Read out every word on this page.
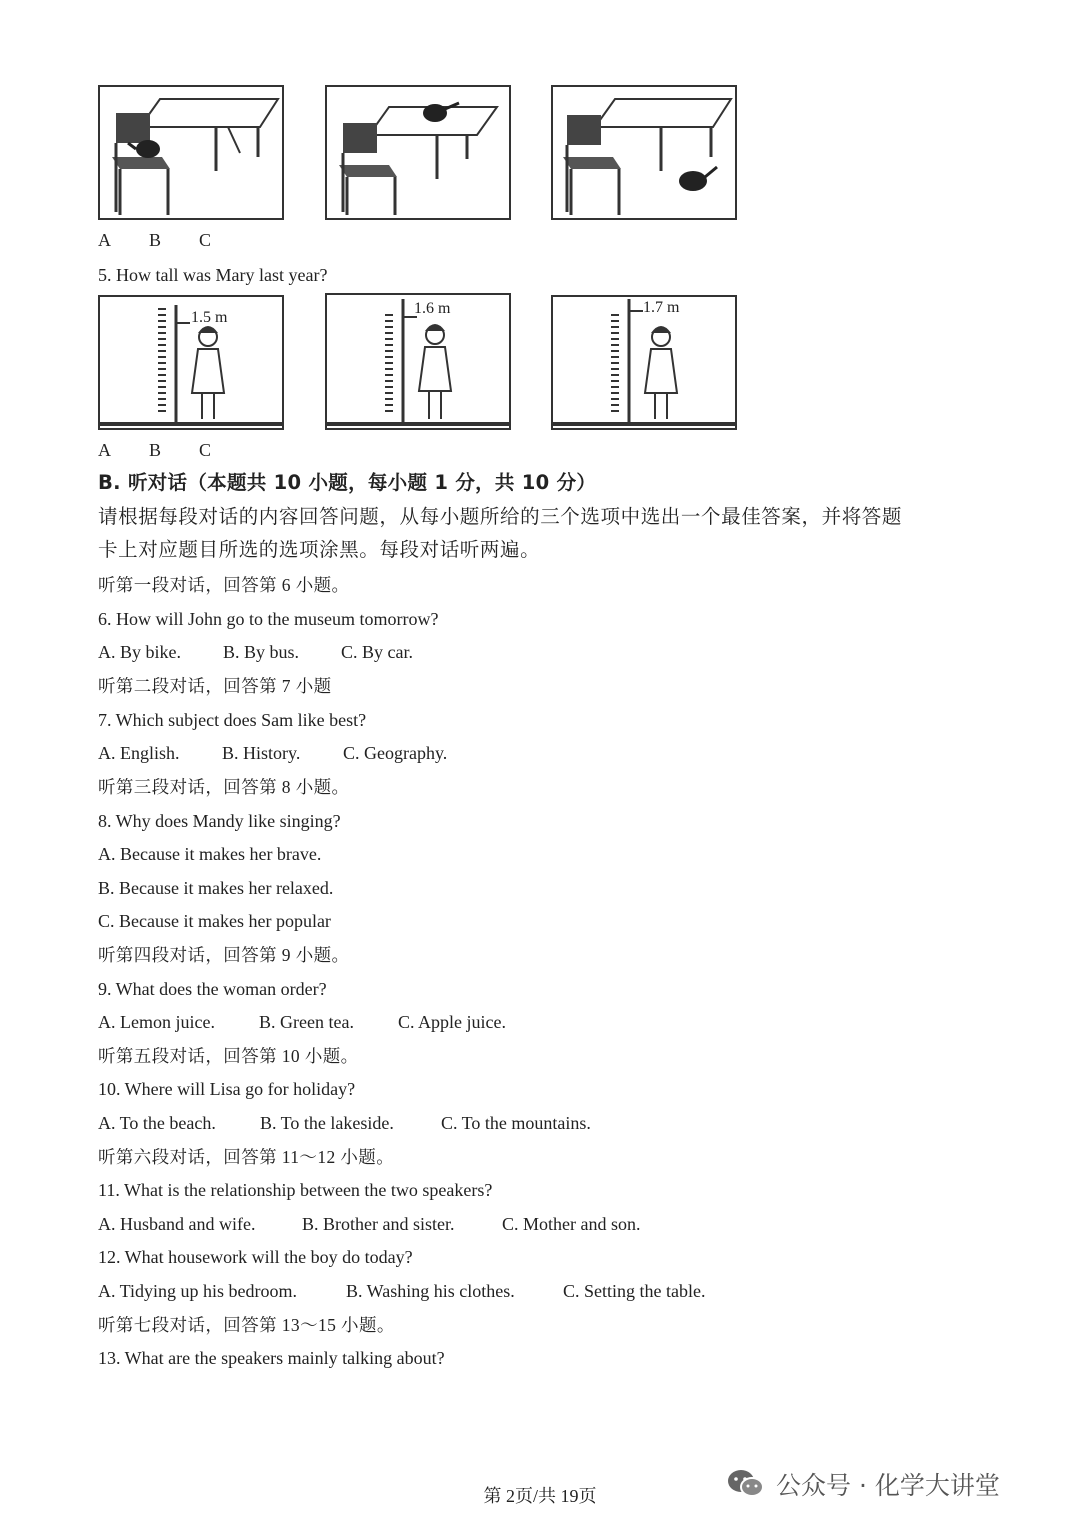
A B C
5. How tall was Mary last year?
1.5 m
1.6 m	1.7 m
A B C
B. 听对话（本题共 10 小题，每小题 1 分，共 10 分）
请根据每段对话的内容回答问题，从每小题所给的三个选项中选出一个最佳答案，并将答题
卡上对应题目所选的选项涂黑。每段对话听两遍。
听第一段对话，回答第 6 小题。
6. How will John go to the museum tomorrow?
A. By bike. B. By bus. C. By car.
听第二段对话，回答第 7 小题
7. Which subject does Sam like best?
A. English. B. History. C. Geography.
听第三段对话，回答第 8 小题。
8. Why does Mandy like singing?
A. Because it makes her brave.
B. Because it makes her relaxed.
C. Because it makes her popular
听第四段对话，回答第 9 小题。
9. What does the woman order?
A. Lemon juice. B. Green tea. C. Apple juice.
听第五段对话，回答第 10 小题。
10. Where will Lisa go for holiday?
A. To the beach. B. To the lakeside.	C. To the mountains.
听第六段对话，回答第 11～12 小题。
11. What is the relationship between the two speakers?
A. Husband and wife.	B. Brother and sister.	C. Mother and son.
12. What housework will the boy do today?
A. Tidying up his bedroom.	B. Washing his clothes.	C. Setting the table.
听第七段对话，回答第 13～15 小题。
13. What are the speakers mainly talking about?
第 2页/共 19页	公众号 · 化学大讲堂
